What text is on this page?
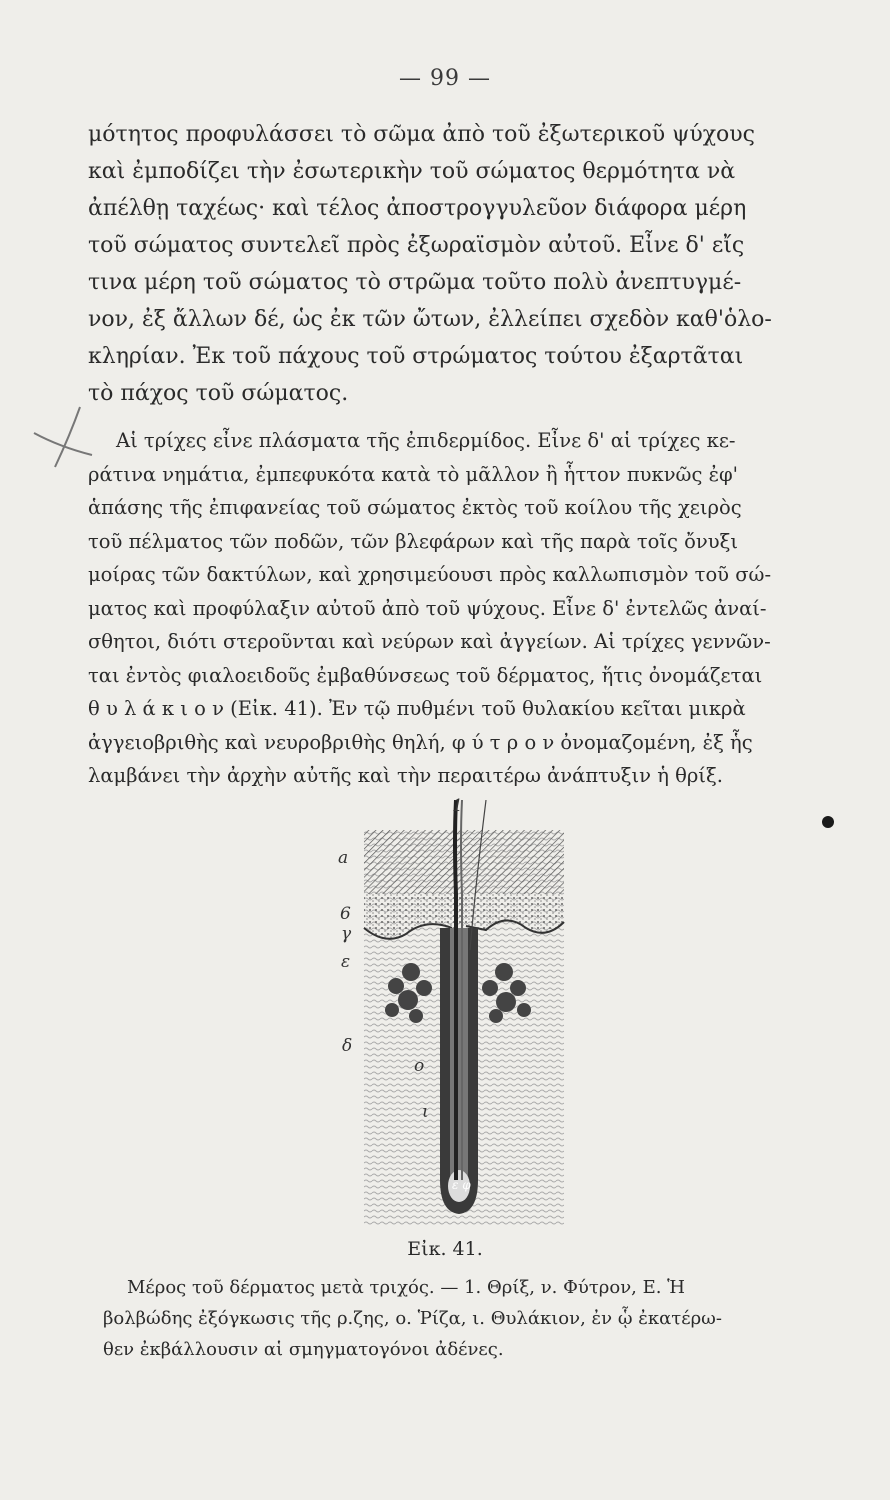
— 99 —
μότητος προφυλάσσει τὸ σῶμα ἀπὸ τοῦ ἐξωτερικοῦ ψύχους
καὶ ἐμποδίζει τὴν ἐσωτερικὴν τοῦ σώματος θερμότητα νὰ
ἀπέλθῃ ταχέως· καὶ τέλος ἀποστρογγυλεῦον διάφορα μέρη
τοῦ σώματος συντελεῖ πρὸς ἐξωραϊσμὸν αὐτοῦ. Εἶνε δ' εἴς
τινα μέρη τοῦ σώματος τὸ στρῶμα τοῦτο πολὺ ἀνεπτυγμέ-
νον, ἐξ ἄλλων δέ, ὡς ἐκ τῶν ὤτων, ἐλλείπει σχεδὸν καθ'ὁλο-
κληρίαν. Ἐκ τοῦ πάχους τοῦ στρώματος τούτου ἐξαρτᾶται
τὸ πάχος τοῦ σώματος.
Αἱ τρίχες εἶνε πλάσματα τῆς ἐπιδερμίδος. Εἶνε δ' αἱ τρίχες κε-
ράτινα νημάτια, ἐμπεφυκότα κατὰ τὸ μᾶλλον ἢ ἧττον πυκνῶς ἐφ'
ἁπάσης τῆς ἐπιφανείας τοῦ σώματος ἐκτὸς τοῦ κοίλου τῆς χειρὸς
τοῦ πέλματος τῶν ποδῶν, τῶν βλεφάρων καὶ τῆς παρὰ τοῖς ὄνυξι
μοίρας τῶν δακτύλων, καὶ χρησιμεύουσι πρὸς καλλωπισμὸν τοῦ σώ-
ματος καὶ προφύλαξιν αὐτοῦ ἀπὸ τοῦ ψύχους. Εἶνε δ' ἐντελῶς ἀναί-
σθητοι, διότι στεροῦνται καὶ νεύρων καὶ ἀγγείων. Αἱ τρίχες γεννῶν-
ται ἐντὸς φιαλοειδοῦς ἐμβαθύνσεως τοῦ δέρματος, ἥτις ὀνομάζεται
θ υ λ ά κ ι ο ν (Εἰκ. 41). Ἐν τῷ πυθμένι τοῦ θυλακίου κεῖται μικρὰ
ἀγγειοβριθὴς καὶ νευροβριθὴς θηλή, φ ύ τ ρ ο ν ὀνομαζομένη, ἐξ ἧς
λαμβάνει τὴν ἀρχὴν αὐτῆς καὶ τὴν περαιτέρω ἀνάπτυξιν ἡ θρίξ.
1
a
6
γ
ε
δ
ο
ι
ε φ
Εἰκ. 41.
Μέρος τοῦ δέρματος μετὰ τριχός. — 1. Θρίξ, ν. Φύτρον, Ε. Ἡ
βολβώδης ἐξόγκωσις τῆς ρ.ζης, ο. Ῥίζα, ι. Θυλάκιον, ἐν ᾧ ἐκατέρω-
θεν ἐκβάλλουσιν αἱ σμηγματογόνοι ἀδένες.
